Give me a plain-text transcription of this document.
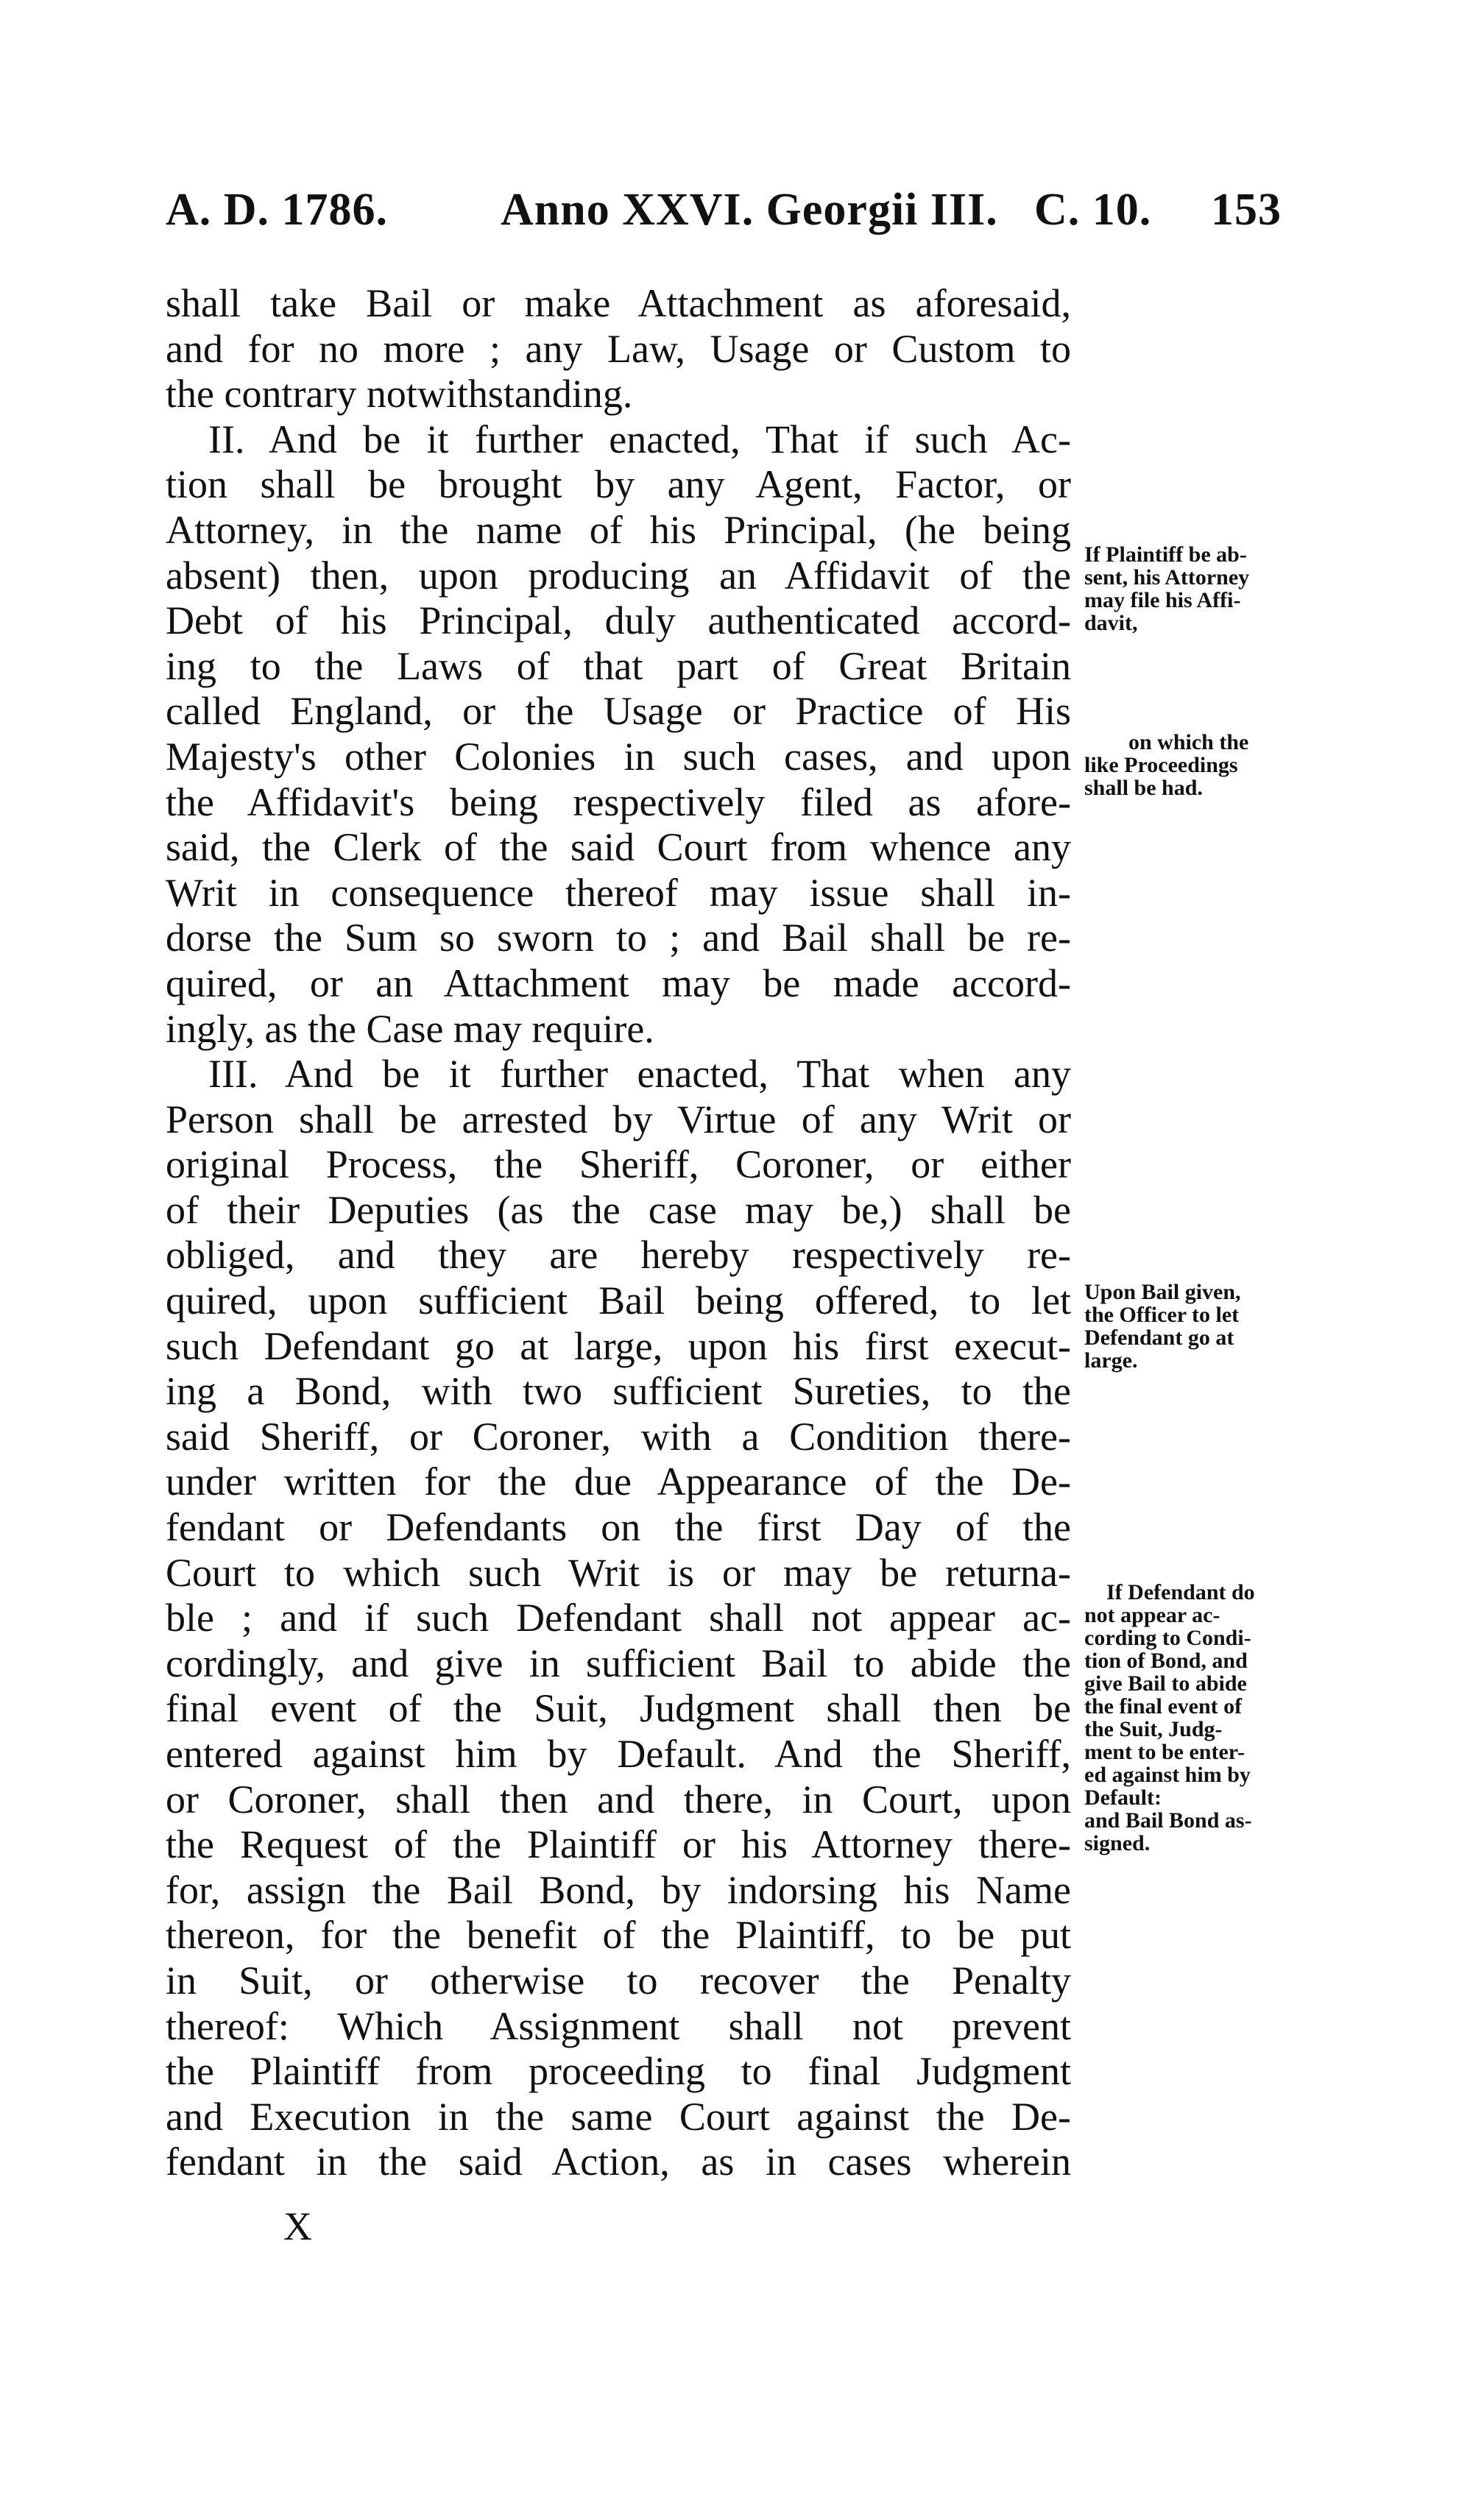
A. D. 1786. Anno XXVI. Georgii III. C. 10. 153
shall take Bail or make Attachment as aforesaid,
and for no more ; any Law, Usage or Custom to
the contrary notwithstanding.
II. And be it further enacted, That if such Ac-
tion shall be brought by any Agent, Factor, or
Attorney, in the name of his Principal, (he being
absent) then, upon producing an Affidavit of the
Debt of his Principal, duly authenticated accord-
ing to the Laws of that part of Great Britain
called England, or the Usage or Practice of His
Majesty's other Colonies in such cases, and upon
the Affidavit's being respectively filed as afore-
said, the Clerk of the said Court from whence any
Writ in consequence thereof may issue shall in-
dorse the Sum so sworn to ; and Bail shall be re-
quired, or an Attachment may be made accord-
ingly, as the Case may require.
III. And be it further enacted, That when any
Person shall be arrested by Virtue of any Writ or
original Process, the Sheriff, Coroner, or either
of their Deputies (as the case may be,) shall be
obliged, and they are hereby respectively re-
quired, upon sufficient Bail being offered, to let
such Defendant go at large, upon his first execut-
ing a Bond, with two sufficient Sureties, to the
said Sheriff, or Coroner, with a Condition there-
under written for the due Appearance of the De-
fendant or Defendants on the first Day of the
Court to which such Writ is or may be returna-
ble ; and if such Defendant shall not appear ac-
cordingly, and give in sufficient Bail to abide the
final event of the Suit, Judgment shall then be
entered against him by Default. And the Sheriff,
or Coroner, shall then and there, in Court, upon
the Request of the Plaintiff or his Attorney there-
for, assign the Bail Bond, by indorsing his Name
thereon, for the benefit of the Plaintiff, to be put
in Suit, or otherwise to recover the Penalty
thereof: Which Assignment shall not prevent
the Plaintiff from proceeding to final Judgment
and Execution in the same Court against the De-
fendant in the said Action, as in cases wherein
If Plaintiff be ab-
sent, his Attorney
may file his Affi-
davit,
on which the
like Proceedings
shall be had.
Upon Bail given,
the Officer to let
Defendant go at
large.
If Defendant do
not appear ac-
cording to Condi-
tion of Bond, and
give Bail to abide
the final event of
the Suit, Judg-
ment to be enter-
ed against him by
Default:
and Bail Bond as-
signed.
X
